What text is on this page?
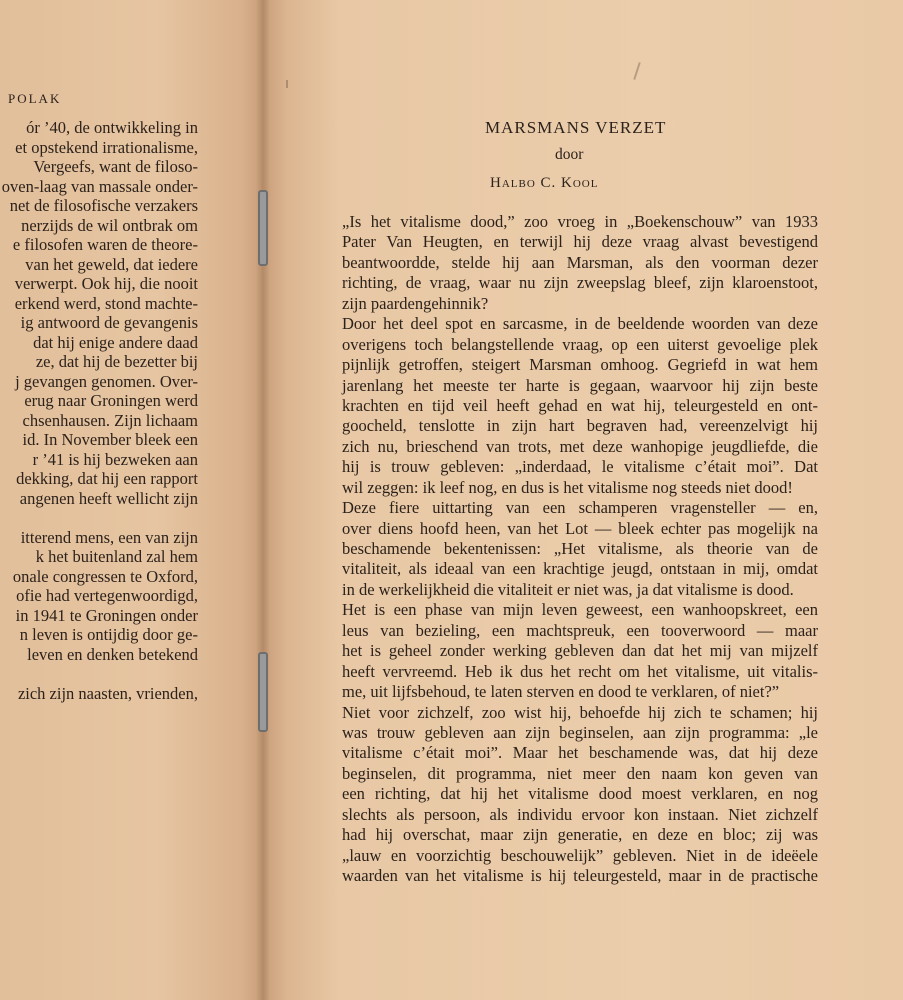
POLAK
ór ’40, de ontwikkeling in
et opstekend irrationalisme,
Vergeefs, want de filoso-
oven-laag van massale onder-
net de filosofische verzakers
nerzijds de wil ontbrak om
e filosofen waren de theore-
van het geweld, dat iedere
verwerpt. Ook hij, die nooit
erkend werd, stond machte-
ig antwoord de gevangenis
dat hij enige andere daad
ze, dat hij de bezetter bij
j gevangen genomen. Over-
erug naar Groningen werd
chsenhausen. Zijn lichaam
id. In November bleek een
r ’41 is hij bezweken aan
dekking, dat hij een rapport
angenen heeft wellicht zijn
itterend mens, een van zijn
k het buitenland zal hem
onale congressen te Oxford,
ofie had vertegenwoordigd,
in 1941 te Groningen onder
n leven is ontijdig door ge-
leven en denken betekend
zich zijn naasten, vrienden,
MARSMANS VERZET
door
Halbo C. Kool
„Is het vitalisme dood,” zoo vroeg in „Boekenschouw” van 1933
Pater Van Heugten, en terwijl hij deze vraag alvast bevestigend
beantwoordde, stelde hij aan Marsman, als den voorman dezer
richting, de vraag, waar nu zijn zweepslag bleef, zijn klaroenstoot,
zijn paardengehinnik?
Door het deel spot en sarcasme, in de beeldende woorden van deze
overigens toch belangstellende vraag, op een uiterst gevoelige plek
pijnlijk getroffen, steigert Marsman omhoog. Gegriefd in wat hem
jarenlang het meeste ter harte is gegaan, waarvoor hij zijn beste
krachten en tijd veil heeft gehad en wat hij, teleurgesteld en ont-
goocheld, tenslotte in zijn hart begraven had, vereenzelvigt hij
zich nu, brieschend van trots, met deze wanhopige jeugdliefde, die
hij is trouw gebleven: „inderdaad, le vitalisme c’était moi”. Dat
wil zeggen: ik leef nog, en dus is het vitalisme nog steeds niet dood!
Deze fiere uittarting van een schamperen vragensteller — en,
over diens hoofd heen, van het Lot — bleek echter pas mogelijk na
beschamende bekentenissen: „Het vitalisme, als theorie van de
vitaliteit, als ideaal van een krachtige jeugd, ontstaan in mij, omdat
in de werkelijkheid die vitaliteit er niet was, ja dat vitalisme is dood.
Het is een phase van mijn leven geweest, een wanhoopskreet, een
leus van bezieling, een machtspreuk, een tooverwoord — maar
het is geheel zonder werking gebleven dan dat het mij van mijzelf
heeft vervreemd. Heb ik dus het recht om het vitalisme, uit vitalis-
me, uit lijfsbehoud, te laten sterven en dood te verklaren, of niet?”
Niet voor zichzelf, zoo wist hij, behoefde hij zich te schamen; hij
was trouw gebleven aan zijn beginselen, aan zijn programma: „le
vitalisme c’était moi”. Maar het beschamende was, dat hij deze
beginselen, dit programma, niet meer den naam kon geven van
een richting, dat hij het vitalisme dood moest verklaren, en nog
slechts als persoon, als individu ervoor kon instaan. Niet zichzelf
had hij overschat, maar zijn generatie, en deze en bloc; zij was
„lauw en voorzichtig beschouwelijk” gebleven. Niet in de ideëele
waarden van het vitalisme is hij teleurgesteld, maar in de practische
